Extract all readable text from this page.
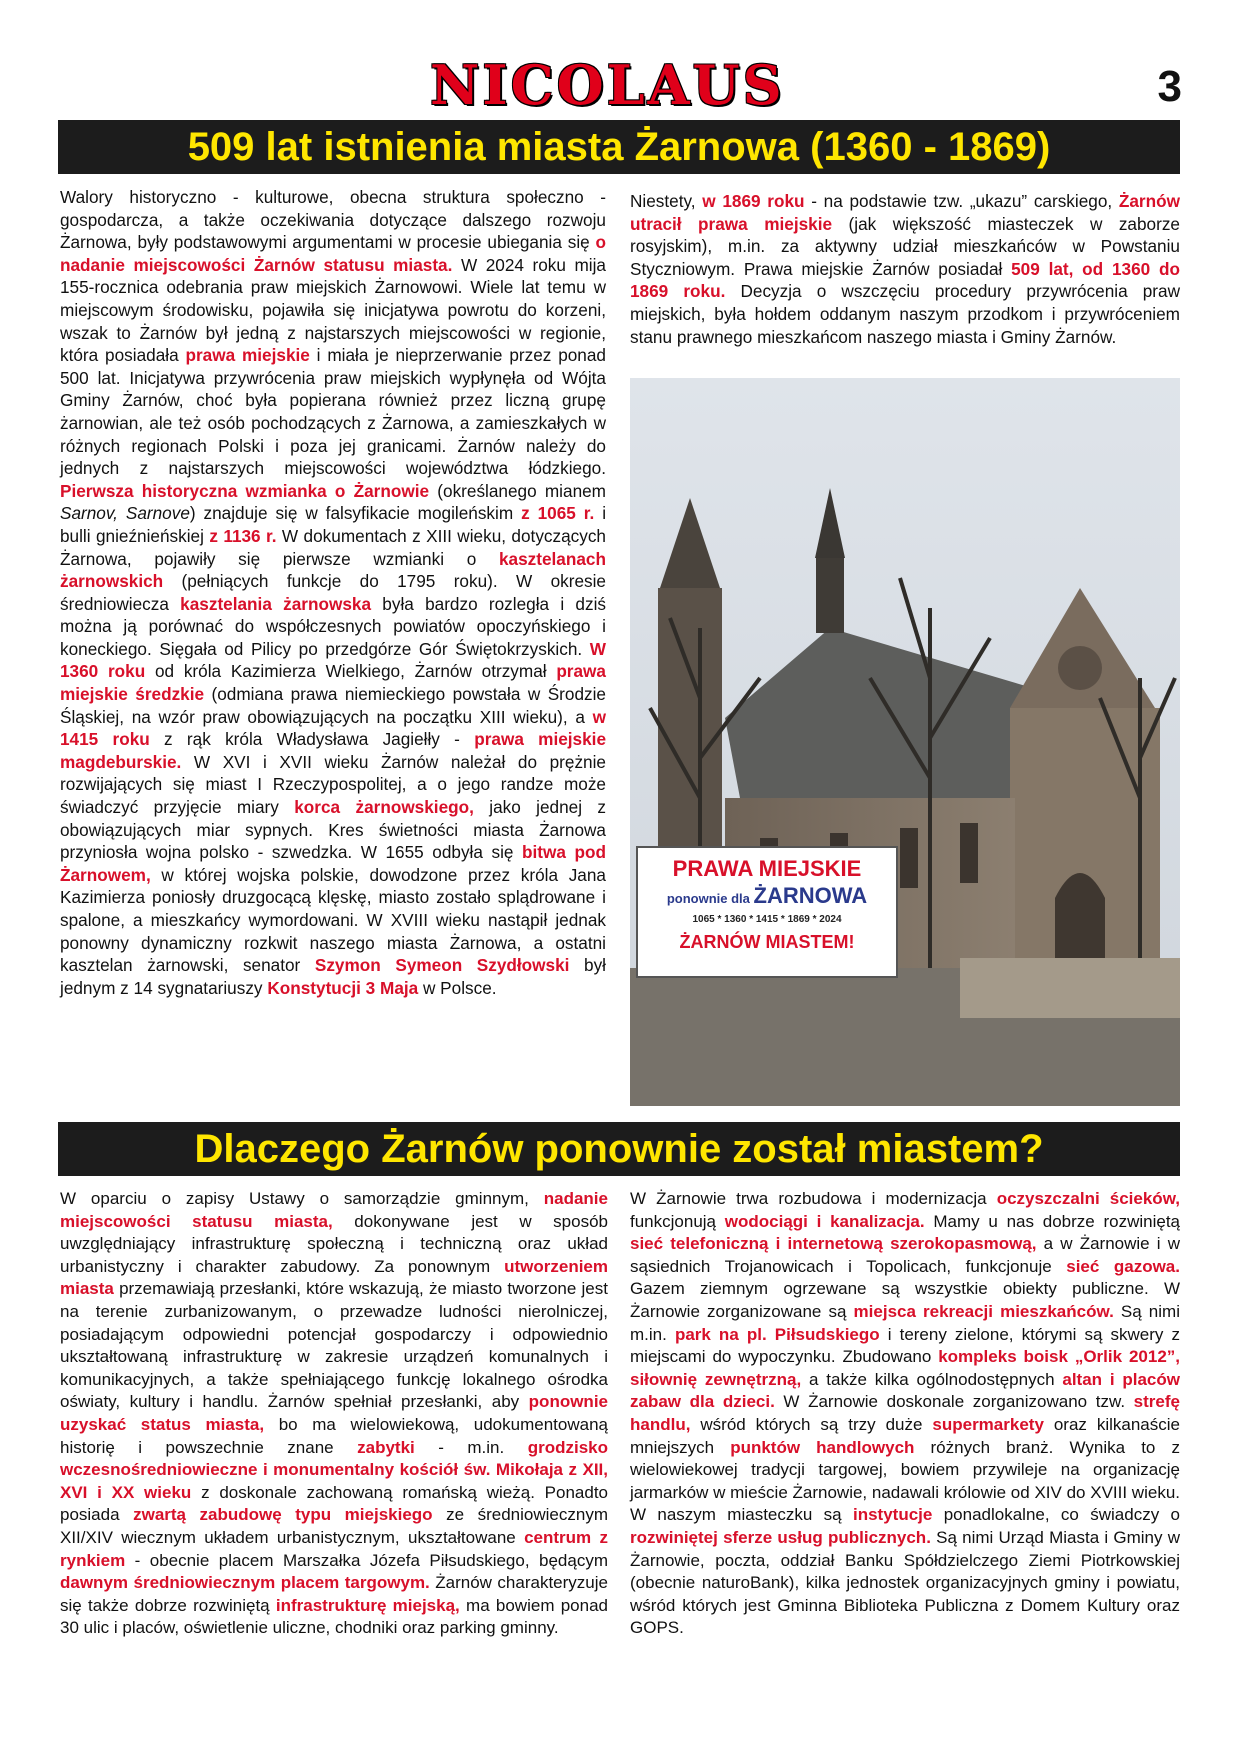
NICOLAUS	3
509 lat istnienia miasta Żarnowa (1360 - 1869)

Walory historyczno - kulturowe, obecna struktura społeczno - gospodarcza, a także oczekiwania dotyczące dalszego rozwoju Żarnowa, były podstawowymi argumentami w procesie ubiegania się o nadanie miejscowości Żarnów statusu miasta. W 2024 roku mija 155-rocznica odebrania praw miejskich Żarnowowi. Wiele lat temu w miejscowym środowisku, pojawiła się inicjatywa powrotu do korzeni, wszak to Żarnów był jedną z najstarszych miejscowości w regionie, która posiadała prawa miejskie i miała je nieprzerwanie przez ponad 500 lat. Inicjatywa przywrócenia praw miejskich wypłynęła od Wójta Gminy Żarnów, choć była popierana również przez liczną grupę żarnowian, ale też osób pochodzących z Żarnowa, a zamieszkałych w różnych regionach Polski i poza jej granicami. Żarnów należy do jednych z najstarszych miejscowości województwa łódzkiego. Pierwsza historyczna wzmianka o Żarnowie (określanego mianem Sarnov, Sarnove) znajduje się w falsyfikacie mogileńskim z 1065 r. i bulli gnieźnieńskiej z 1136 r. W dokumentach z XIII wieku, dotyczących Żarnowa, pojawiły się pierwsze wzmianki o kasztelanach żarnowskich (pełniących funkcje do 1795 roku). W okresie średniowiecza kasztelania żarnowska była bardzo rozległa i dziś można ją porównać do współczesnych powiatów opoczyńskiego i koneckiego. Sięgała od Pilicy po przedgórze Gór Świętokrzyskich. W 1360 roku od króla Kazimierza Wielkiego, Żarnów otrzymał prawa miejskie średzkie (odmiana prawa niemieckiego powstała w Środzie Śląskiej, na wzór praw obowiązujących na początku XIII wieku), a w 1415 roku z rąk króla Władysława Jagiełły - prawa miejskie magdeburskie. W XVI i XVII wieku Żarnów należał do prężnie rozwijających się miast I Rzeczypospolitej, a o jego randze może świadczyć przyjęcie miary korca żarnowskiego, jako jednej z obowiązujących miar sypnych. Kres świetności miasta Żarnowa przyniosła wojna polsko - szwedzka. W 1655 odbyła się bitwa pod Żarnowem, w której wojska polskie, dowodzone przez króla Jana Kazimierza poniosły druzgocącą klęskę, miasto zostało splądrowane i spalone, a mieszkańcy wymordowani. W XVIII wieku nastąpił jednak ponowny dynamiczny rozkwit naszego miasta Żarnowa, a ostatni kasztelan żarnowski, senator Szymon Symeon Szydłowski był jednym z 14 sygnatariuszy Konstytucji 3 Maja w Polsce.

Niestety, w 1869 roku - na podstawie tzw. „ukazu” carskiego, Żarnów utracił prawa miejskie (jak większość miasteczek w zaborze rosyjskim), m.in. za aktywny udział mieszkańców w Powstaniu Styczniowym. Prawa miejskie Żarnów posiadał 509 lat, od 1360 do 1869 roku. Decyzja o wszczęciu procedury przywrócenia praw miejskich, była hołdem oddanym naszym przodkom i przywróceniem stanu prawnego mieszkańcom naszego miasta i Gminy Żarnów.

PRAWA MIEJSKIE
ponownie dla ŻARNOWA
1065 * 1360 * 1415 * 1869 * 2024
ŻARNÓW MIASTEM!
Dlaczego Żarnów ponownie został miastem?

W oparciu o zapisy Ustawy o samorządzie gminnym, nadanie miejscowości statusu miasta, dokonywane jest w sposób uwzględniający infrastrukturę społeczną i techniczną oraz układ urbanistyczny i charakter zabudowy. Za ponownym utworzeniem miasta przemawiają przesłanki, które wskazują, że miasto tworzone jest na terenie zurbanizowanym, o przewadze ludności nierolniczej, posiadającym odpowiedni potencjał gospodarczy i odpowiednio ukształtowaną infrastrukturę w zakresie urządzeń komunalnych i komunikacyjnych, a także spełniającego funkcję lokalnego ośrodka oświaty, kultury i handlu. Żarnów spełniał przesłanki, aby ponownie uzyskać status miasta, bo ma wielowiekową, udokumentowaną historię i powszechnie znane zabytki - m.in. grodzisko wczesnośredniowieczne i monumentalny kościół św. Mikołaja z XII, XVI i XX wieku z doskonale zachowaną romańską wieżą. Ponadto posiada zwartą zabudowę typu miejskiego ze średniowiecznym XII/XIV wiecznym układem urbanistycznym, ukształtowane centrum z rynkiem - obecnie placem Marszałka Józefa Piłsudskiego, będącym dawnym średniowiecznym placem targowym. Żarnów charakteryzuje się także dobrze rozwiniętą infrastrukturę miejską, ma bowiem ponad 30 ulic i placów, oświetlenie uliczne, chodniki oraz parking gminny.

W Żarnowie trwa rozbudowa i modernizacja oczyszczalni ścieków, funkcjonują wodociągi i kanalizacja. Mamy u nas dobrze rozwiniętą sieć telefoniczną i internetową szerokopasmową, a w Żarnowie i w sąsiednich Trojanowicach i Topolicach, funkcjonuje sieć gazowa. Gazem ziemnym ogrzewane są wszystkie obiekty publiczne. W Żarnowie zorganizowane są miejsca rekreacji mieszkańców. Są nimi m.in. park na pl. Piłsudskiego i tereny zielone, którymi są skwery z miejscami do wypoczynku. Zbudowano kompleks boisk „Orlik 2012”, siłownię zewnętrzną, a także kilka ogólnodostępnych altan i placów zabaw dla dzieci. W Żarnowie doskonale zorganizowano tzw. strefę handlu, wśród których są trzy duże supermarkety oraz kilkanaście mniejszych punktów handlowych różnych branż. Wynika to z wielowiekowej tradycji targowej, bowiem przywileje na organizację jarmarków w mieście Żarnowie, nadawali królowie od XIV do XVIII wieku. W naszym miasteczku są instytucje ponadlokalne, co świadczy o rozwiniętej sferze usług publicznych. Są nimi Urząd Miasta i Gminy w Żarnowie, poczta, oddział Banku Spółdzielczego Ziemi Piotrkowskiej (obecnie naturoBank), kilka jednostek organizacyjnych gminy i powiatu, wśród których jest Gminna Biblioteka Publiczna z Domem Kultury oraz GOPS.
